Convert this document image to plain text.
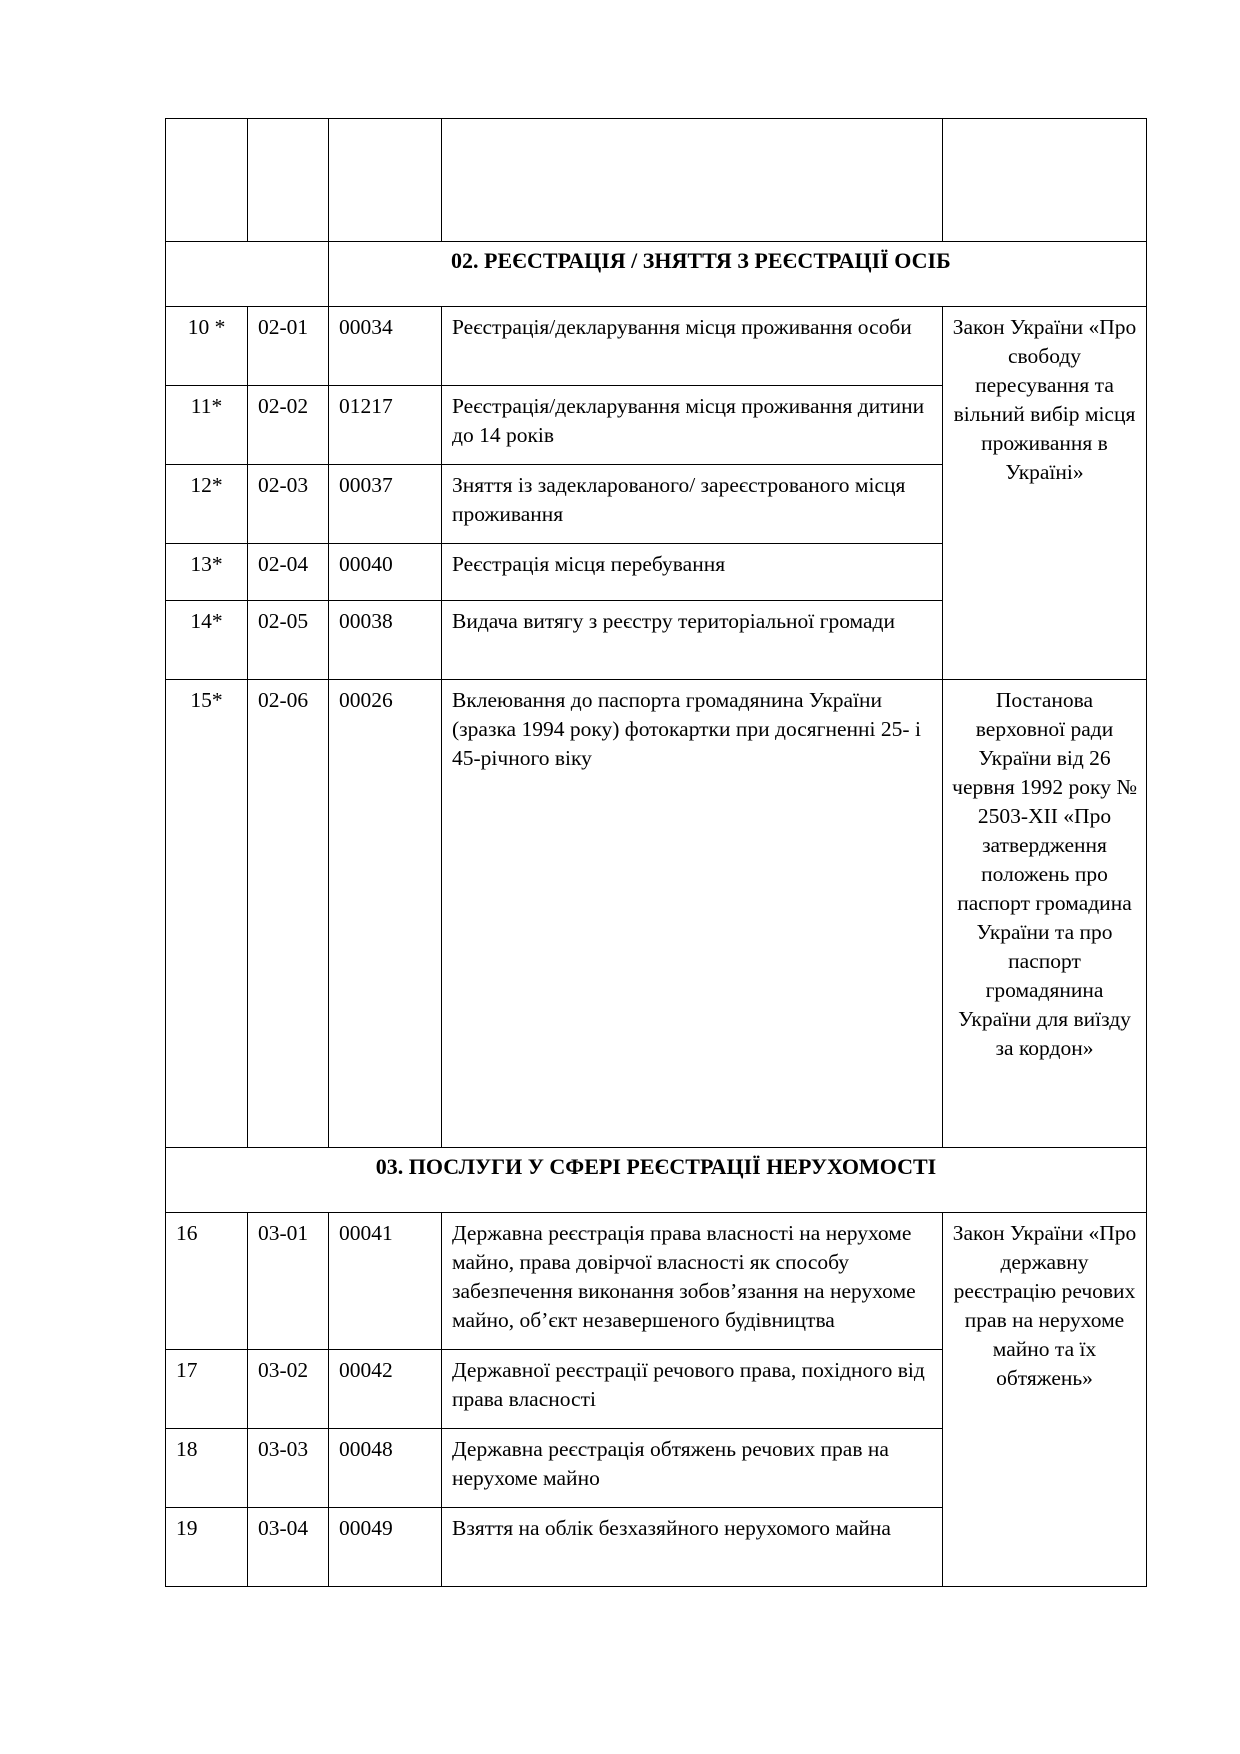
		02. РЕЄСТРАЦІЯ / ЗНЯТТЯ З РЕЄСТРАЦІЇ ОСІБ		
10 *	02-01	00034	Реєстрація/декларування місця проживання особи	Закон України «Про свободу пересування та вільний вибір місця проживання в Україні»
11*	02-02	01217	Реєстрація/декларування місця проживання дитини до 14 років	
12*	02-03	00037	Зняття із задекларованого/ зареєстрованого місця проживання	
13*	02-04	00040	Реєстрація місця перебування	
14*	02-05	00038	Видача витягу з реєстру територіальної громади	
15*	02-06	00026	Вклеювання до паспорта громадянина України (зразка 1994 року) фотокартки при досягненні 25- і 45-річного віку	Постанова верховної ради України від 26 червня 1992 року № 2503-XII «Про затвердження положень про паспорт громадина України та про паспорт громадянина України для виїзду за кордон»
03. ПОСЛУГИ У СФЕРІ РЕЄСТРАЦІЇ НЕРУХОМОСТІ				
16	03-01	00041	Державна реєстрація права власності на нерухоме майно, права довірчої власності як способу забезпечення виконання зобов’язання на нерухоме майно, об’єкт незавершеного будівництва	Закон України «Про державну реєстрацію речових прав на нерухоме майно та їх обтяжень»
17	03-02	00042	Державної реєстрації речового права, похідного від права власності	
18	03-03	00048	Державна реєстрація обтяжень речових прав на нерухоме майно	
19	03-04	00049	Взяття на облік безхазяйного нерухомого майна	
